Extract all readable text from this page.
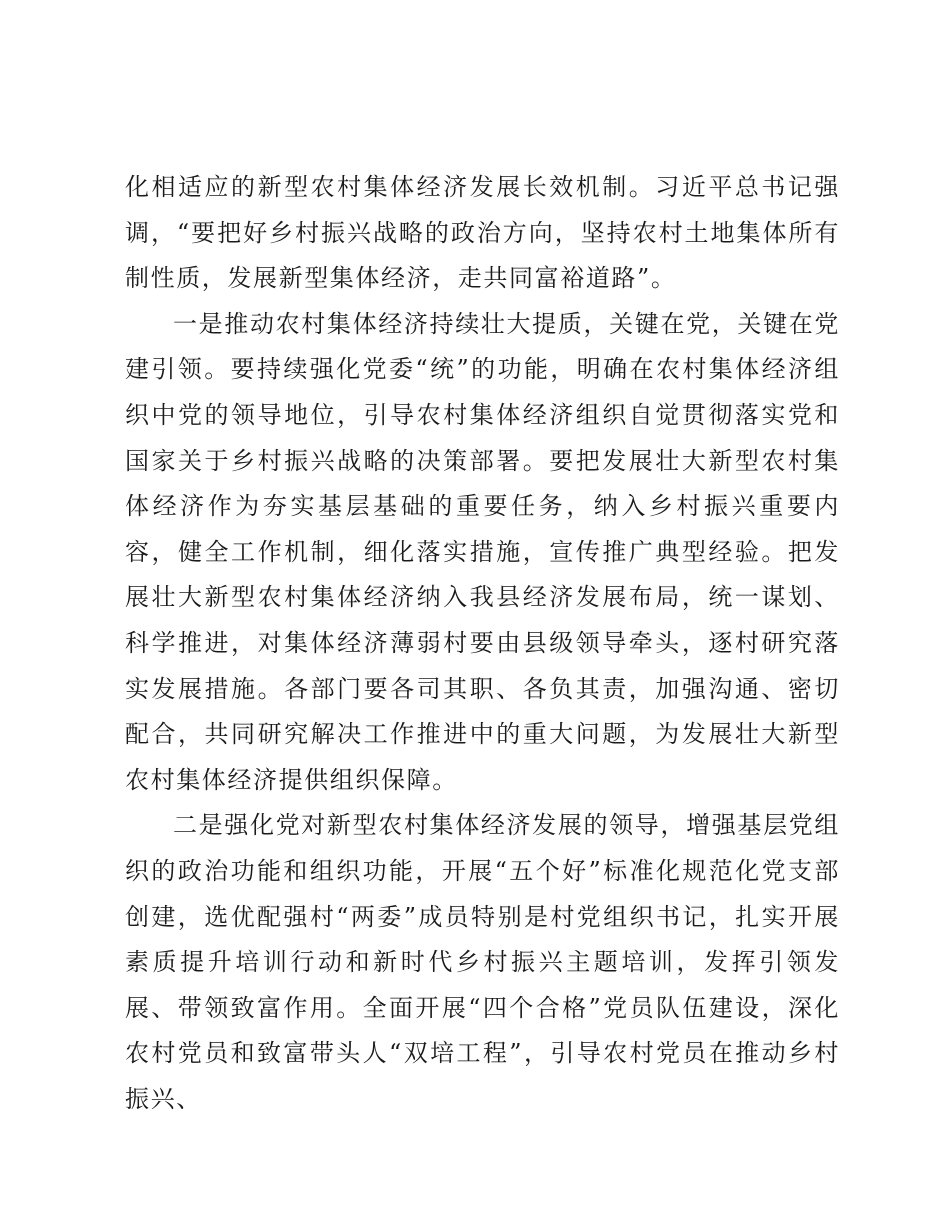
化相适应的新型农村集体经济发展长效机制。习近平总书记强调，“要把好乡村振兴战略的政治方向，坚持农村土地集体所有制性质，发展新型集体经济，走共同富裕道路”。

一是推动农村集体经济持续壮大提质，关键在党，关键在党建引领。要持续强化党委“统”的功能，明确在农村集体经济组织中党的领导地位，引导农村集体经济组织自觉贯彻落实党和国家关于乡村振兴战略的决策部署。要把发展壮大新型农村集体经济作为夯实基层基础的重要任务，纳入乡村振兴重要内容，健全工作机制，细化落实措施，宣传推广典型经验。把发展壮大新型农村集体经济纳入我县经济发展布局，统一谋划、科学推进，对集体经济薄弱村要由县级领导牵头，逐村研究落实发展措施。各部门要各司其职、各负其责，加强沟通、密切配合，共同研究解决工作推进中的重大问题，为发展壮大新型农村集体经济提供组织保障。

二是强化党对新型农村集体经济发展的领导，增强基层党组织的政治功能和组织功能，开展“五个好”标准化规范化党支部创建，选优配强村“两委”成员特别是村党组织书记，扎实开展素质提升培训行动和新时代乡村振兴主题培训，发挥引领发展、带领致富作用。全面开展“四个合格”党员队伍建设，深化农村党员和致富带头人“双培工程”，引导农村党员在推动乡村振兴、
